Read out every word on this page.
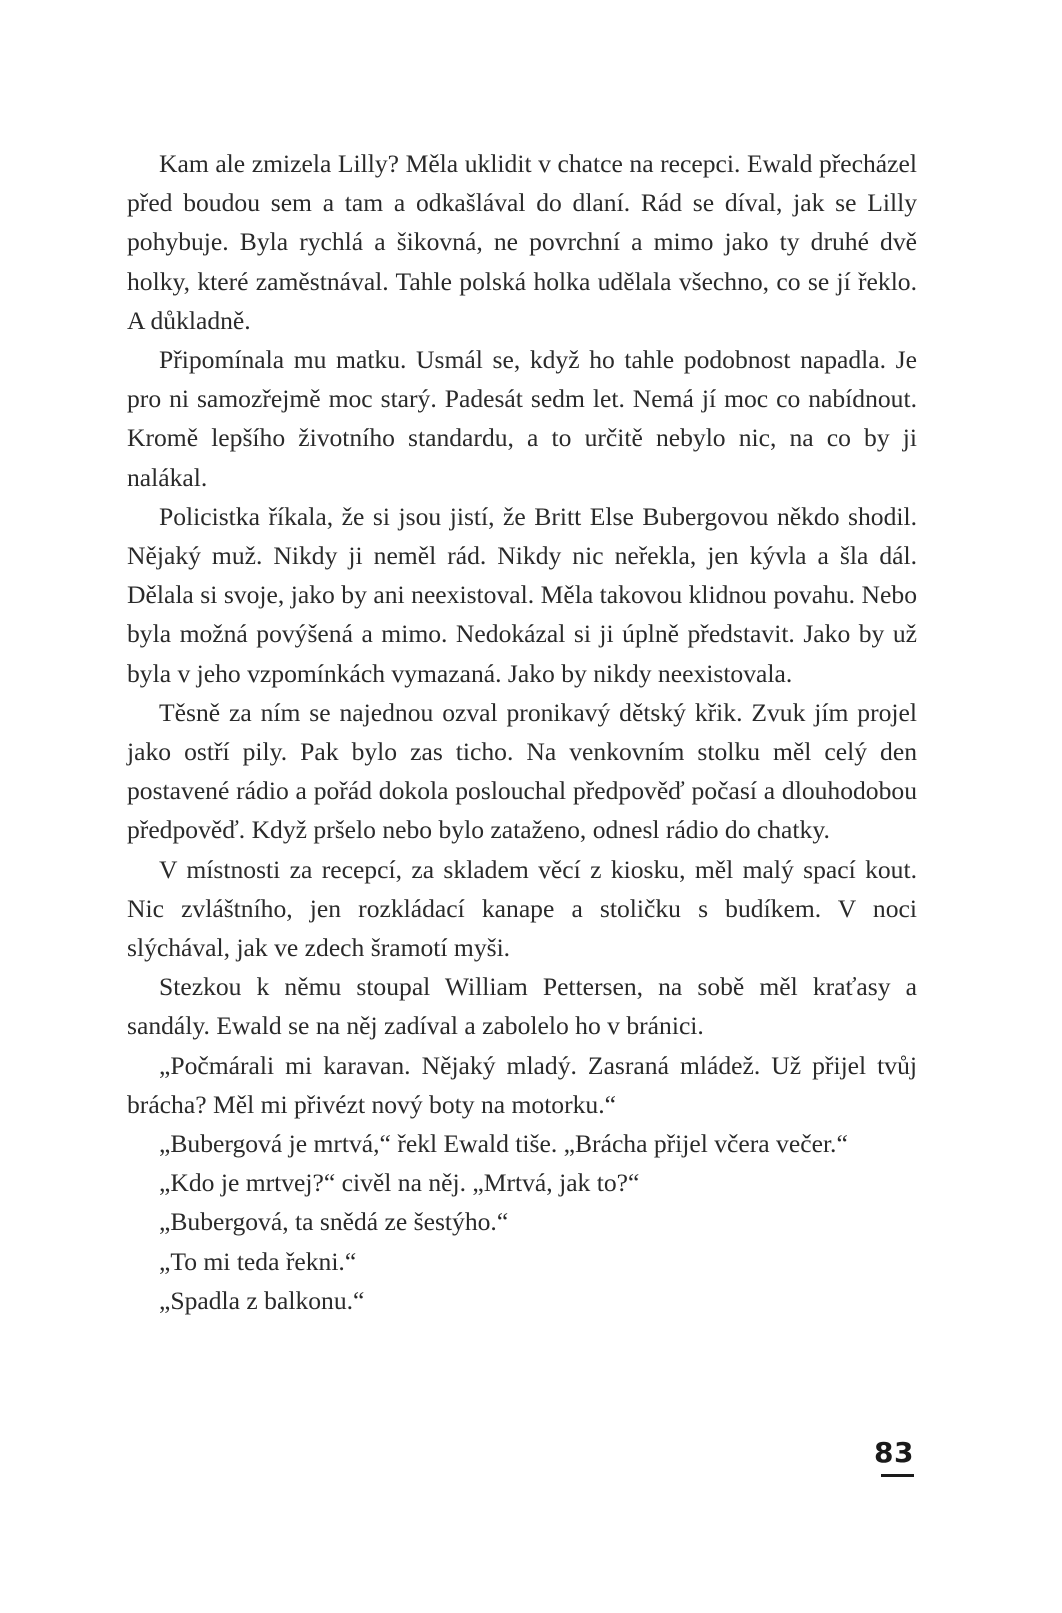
Kam ale zmizela Lilly? Měla uklidit v chatce na recepci. Ewald přecházel před boudou sem a tam a odkašlával do dlaní. Rád se díval, jak se Lilly pohybuje. Byla rychlá a šikovná, ne povrchní a mimo jako ty druhé dvě holky, které zaměstnával. Tahle polská holka udělala všechno, co se jí řeklo. A důkladně.

Připomínala mu matku. Usmál se, když ho tahle podobnost napadla. Je pro ni samozřejmě moc starý. Padesát sedm let. Nemá jí moc co nabídnout. Kromě lepšího životního standardu, a to určitě nebylo nic, na co by ji nalákal.

Policistka říkala, že si jsou jistí, že Britt Else Bubergovou někdo shodil. Nějaký muž. Nikdy ji neměl rád. Nikdy nic neřekla, jen kývla a šla dál. Dělala si svoje, jako by ani neexistoval. Měla takovou klidnou povahu. Nebo byla možná povýšená a mimo. Nedokázal si ji úplně představit. Jako by už byla v jeho vzpomínkách vymazaná. Jako by nikdy neexistovala.

Těsně za ním se najednou ozval pronikavý dětský křik. Zvuk jím projel jako ostří pily. Pak bylo zas ticho. Na venkovním stolku měl celý den postavené rádio a pořád dokola poslouchal předpověď počasí a dlouhodobou předpověď. Když pršelo nebo bylo zataženo, odnesl rádio do chatky.

V místnosti za recepcí, za skladem věcí z kiosku, měl malý spací kout. Nic zvláštního, jen rozkládací kanape a stoličku s budíkem. V noci slýchával, jak ve zdech šramotí myši.

Stezkou k němu stoupal William Pettersen, na sobě měl kraťasy a sandály. Ewald se na něj zadíval a zabolelo ho v bránici.

„Počmárali mi karavan. Nějaký mladý. Zasraná mládež. Už přijel tvůj brácha? Měl mi přivézt nový boty na motorku.“

„Bubergová je mrtvá,“ řekl Ewald tiše. „Brácha přijel včera večer.“

„Kdo je mrtvej?“ civěl na něj. „Mrtvá, jak to?“

„Bubergová, ta snědá ze šestýho.“

„To mi teda řekni.“

„Spadla z balkonu.“

83
